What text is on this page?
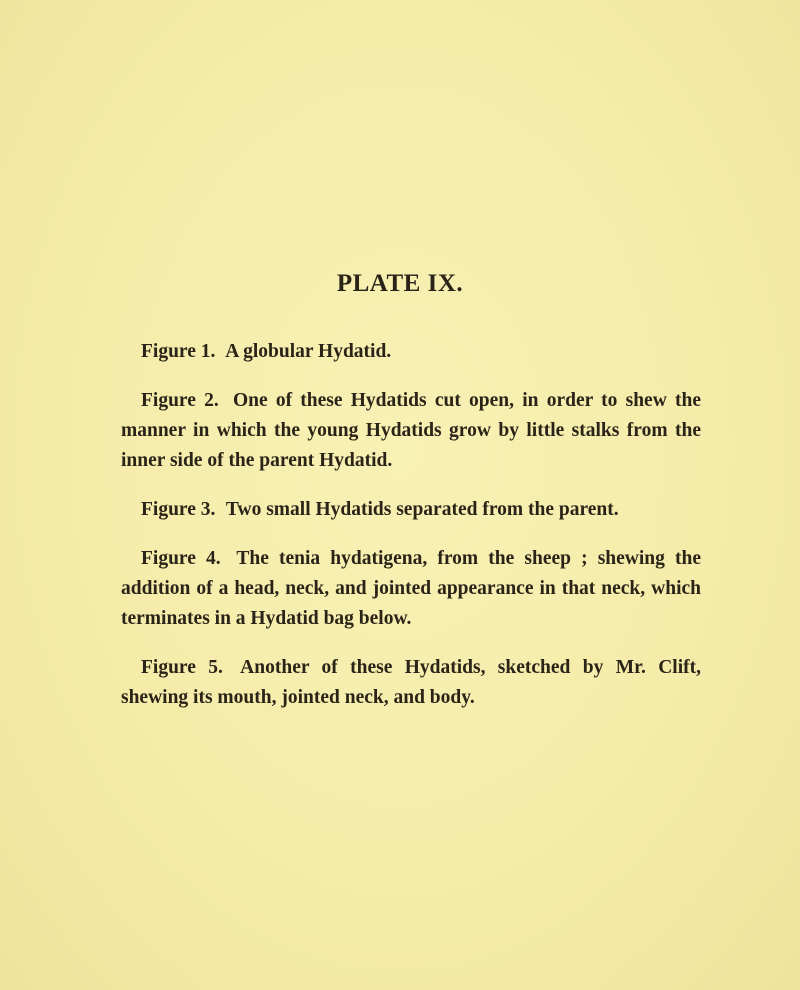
PLATE IX.

Figure 1. A globular Hydatid.

Figure 2. One of these Hydatids cut open, in order to shew the manner in which the young Hydatids grow by little stalks from the inner side of the parent Hydatid.

Figure 3. Two small Hydatids separated from the parent.

Figure 4. The tenia hydatigena, from the sheep ; shewing the addition of a head, neck, and jointed appearance in that neck, which terminates in a Hydatid bag below.

Figure 5. Another of these Hydatids, sketched by Mr. Clift, shewing its mouth, jointed neck, and body.
